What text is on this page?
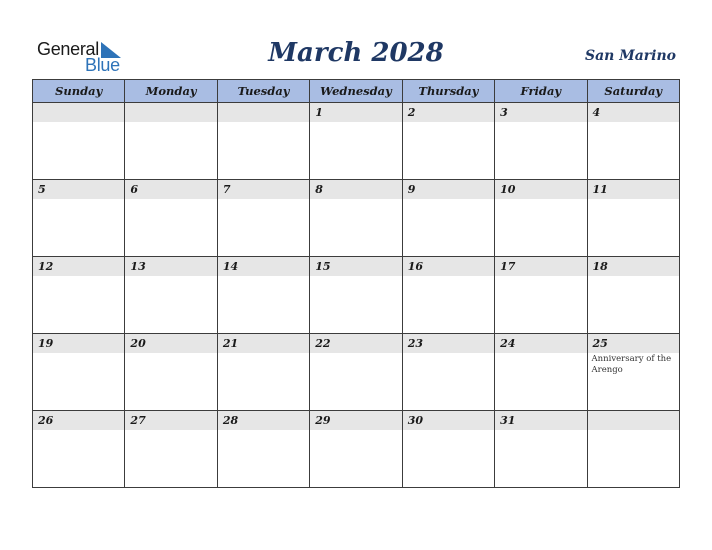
General
Blue	March 2028	San Marino
Sunday	Monday	Tuesday	Wednesday	Thursday	Friday	Saturday

			1	2	3	4

5	6	7	8	9	10	11

12	13	14	15	16	17	18

19	20	21	22	23	24	25
Anniversary of the Arengo

26	27	28	29	30	31	
